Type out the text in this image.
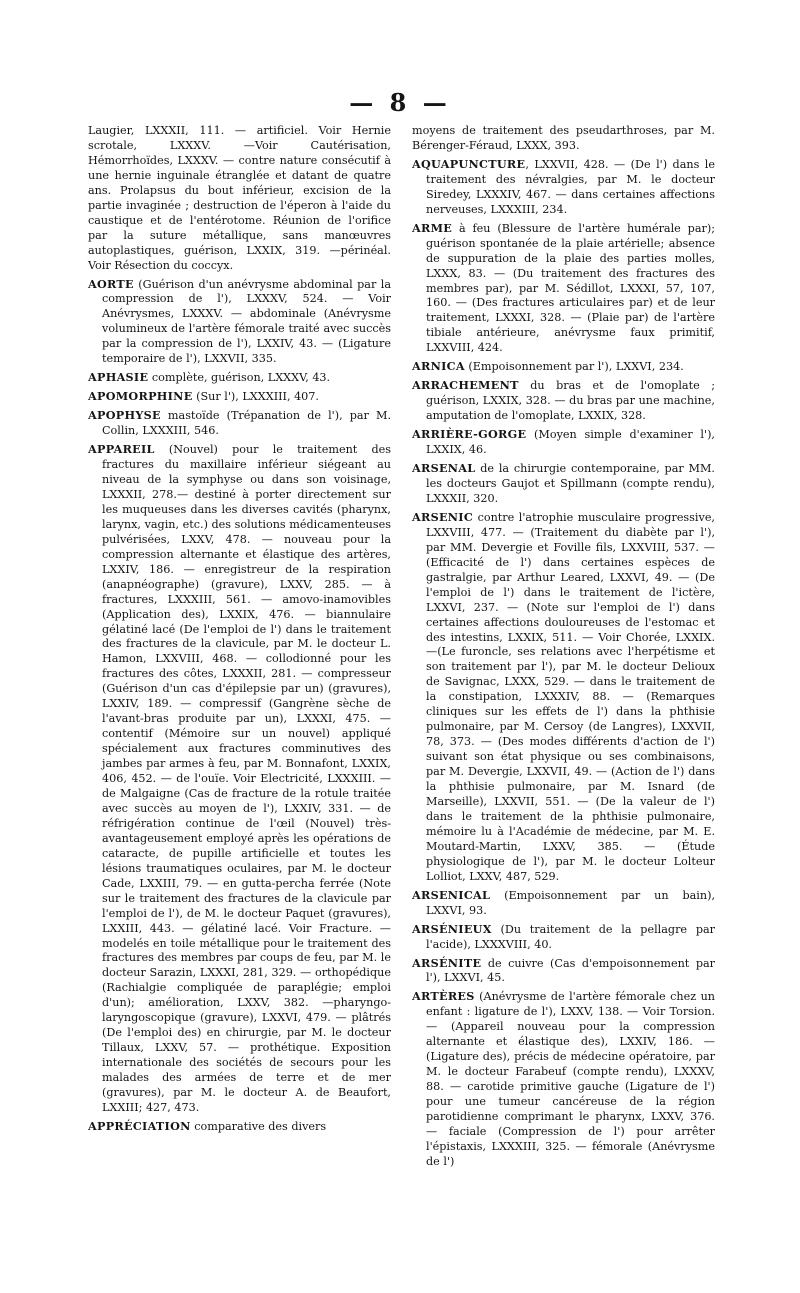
— 8 —

Laugier, LXXXII, 111. — artificiel. Voir Hernie scrotale, LXXXV. —Voir Cautérisation, Hémorrhoïdes, LXXXV. — contre nature consécutif à une hernie inguinale étranglée et datant de quatre ans. Prolapsus du bout inférieur, excision de la partie invaginée ; destruction de l'éperon à l'aide du caustique et de l'entérotome. Réunion de l'orifice par la suture métallique, sans manœuvres autoplastiques, guérison, LXXIX, 319. —périnéal. Voir Résection du coccyx.

AORTE (Guérison d'un anévrysme abdominal par la compression de l'), LXXXV, 524. — Voir Anévrysmes, LXXXV. — abdominale (Anévrysme volumineux de l'artère fémorale traité avec succès par la compression de l'), LXXIV, 43. — (Ligature temporaire de l'), LXXVII, 335.

APHASIE complète, guérison, LXXXV, 43.

APOMORPHINE (Sur l'), LXXXIII, 407.

APOPHYSE mastoïde (Trépanation de l'), par M. Collin, LXXXIII, 546.

APPAREIL (Nouvel) pour le traitement des fractures du maxillaire inférieur siégeant au niveau de la symphyse ou dans son voisinage, LXXXII, 278.— destiné à porter directement sur les muqueuses dans les diverses cavités (pharynx, larynx, vagin, etc.) des solutions médicamenteuses pulvérisées, LXXV, 478. — nouveau pour la compression alternante et élastique des artères, LXXIV, 186. — enregistreur de la respiration (anapnéographe) (gravure), LXXV, 285. — à fractures, LXXXIII, 561. — amovo-inamovibles (Application des), LXXIX, 476. — biannulaire gélatiné lacé (De l'emploi de l') dans le traitement des fractures de la clavicule, par M. le docteur L. Hamon, LXXVIII, 468. — collodionné pour les fractures des côtes, LXXXII, 281. — compresseur (Guérison d'un cas d'épilepsie par un) (gravures), LXXIV, 189. — compressif (Gangrène sèche de l'avant-bras produite par un), LXXXI, 475. — contentif (Mémoire sur un nouvel) appliqué spécialement aux fractures comminutives des jambes par armes à feu, par M. Bonnafont, LXXIX, 406, 452. — de l'ouïe. Voir Electricité, LXXXIII. — de Malgaigne (Cas de fracture de la rotule traitée avec succès au moyen de l'), LXXIV, 331. — de réfrigération continue de l'œil (Nouvel) très-avantageusement employé après les opérations de cataracte, de pupille artificielle et toutes les lésions traumatiques oculaires, par M. le docteur Cade, LXXIII, 79. — en gutta-percha ferrée (Note sur le traitement des fractures de la clavicule par l'emploi de l'), de M. le docteur Paquet (gravures), LXXIII, 443. — gélatiné lacé. Voir Fracture. — modelés en toile métallique pour le traitement des fractures des membres par coups de feu, par M. le docteur Sarazin, LXXXI, 281, 329. — orthopédique (Rachialgie compliquée de paraplégie; emploi d'un); amélioration, LXXV, 382. —pharyngo-laryngoscopique (gravure), LXXVI, 479. — plâtrés (De l'emploi des) en chirurgie, par M. le docteur Tillaux, LXXV, 57. — prothétique. Exposition internationale des sociétés de secours pour les malades des armées de terre et de mer (gravures), par M. le docteur A. de Beaufort, LXXIII; 427, 473.

APPRÉCIATION comparative des divers

moyens de traitement des pseudarthroses, par M. Bérenger-Féraud, LXXX, 393.

AQUAPUNCTURE, LXXVII, 428. — (De l') dans le traitement des névralgies, par M. le docteur Siredey, LXXXIV, 467. — dans certaines affections nerveuses, LXXXIII, 234.

ARME à feu (Blessure de l'artère humérale par); guérison spontanée de la plaie artérielle; absence de suppuration de la plaie des parties molles, LXXX, 83. — (Du traitement des fractures des membres par), par M. Sédillot, LXXXI, 57, 107, 160. — (Des fractures articulaires par) et de leur traitement, LXXXI, 328. — (Plaie par) de l'artère tibiale antérieure, anévrysme faux primitif, LXXVIII, 424.

ARNICA (Empoisonnement par l'), LXXVI, 234.

ARRACHEMENT du bras et de l'omoplate ; guérison, LXXIX, 328. — du bras par une machine, amputation de l'omoplate, LXXIX, 328.

ARRIÈRE-GORGE (Moyen simple d'examiner l'), LXXIX, 46.

ARSENAL de la chirurgie contemporaine, par MM. les docteurs Gaujot et Spillmann (compte rendu), LXXXII, 320.

ARSENIC contre l'atrophie musculaire progressive, LXXVIII, 477. — (Traitement du diabète par l'), par MM. Devergie et Foville fils, LXXVIII, 537. — (Efficacité de l') dans certaines espèces de gastralgie, par Arthur Leared, LXXVI, 49. — (De l'emploi de l') dans le traitement de l'ictère, LXXVI, 237. — (Note sur l'emploi de l') dans certaines affections douloureuses de l'estomac et des intestins, LXXIX, 511. — Voir Chorée, LXXIX. —(Le furoncle, ses relations avec l'herpétisme et son traitement par l'), par M. le docteur Delioux de Savignac, LXXX, 529. — dans le traitement de la constipation, LXXXIV, 88. — (Remarques cliniques sur les effets de l') dans la phthisie pulmonaire, par M. Cersoy (de Langres), LXXVII, 78, 373. — (Des modes différents d'action de l') suivant son état physique ou ses combinaisons, par M. Devergie, LXXVII, 49. — (Action de l') dans la phthisie pulmonaire, par M. Isnard (de Marseille), LXXVII, 551. — (De la valeur de l') dans le traitement de la phthisie pulmonaire, mémoire lu à l'Académie de médecine, par M. E. Moutard-Martin, LXXV, 385. — (Étude physiologique de l'), par M. le docteur Lolteur Lolliot, LXXV, 487, 529.

ARSENICAL (Empoisonnement par un bain), LXXVI, 93.

ARSÉNIEUX (Du traitement de la pellagre par l'acide), LXXXVIII, 40.

ARSÉNITE de cuivre (Cas d'empoisonnement par l'), LXXVI, 45.

ARTÈRES (Anévrysme de l'artère fémorale chez un enfant : ligature de l'), LXXV, 138. — Voir Torsion. — (Appareil nouveau pour la compression alternante et élastique des), LXXIV, 186. —(Ligature des), précis de médecine opératoire, par M. le docteur Farabeuf (compte rendu), LXXXV, 88. — carotide primitive gauche (Ligature de l') pour une tumeur cancéreuse de la région parotidienne comprimant le pharynx, LXXV, 376. — faciale (Compression de l') pour arrêter l'épistaxis, LXXXIII, 325. — fémorale (Anévrysme de l')
